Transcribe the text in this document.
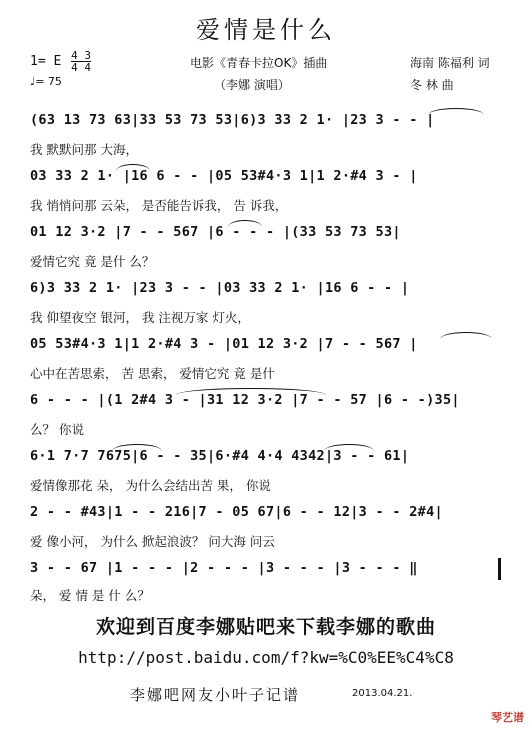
爱情是什么
1= E $\frac{4 3}{4 4}$
♩= 75
电影《青春卡拉OK》插曲
（李娜 演唱）
海南 陈福利 词
冬 林 曲
(63 13 73 63|33 53 73 53|6)3 33 2 1· |23 3 - - |
我 默默问那 大海，
03 33 2 1· |16 6 - - |05 53#4·3 1|1 2·#4 3 - |
我 悄悄问那 云朵， 是否能告诉我， 告 诉我，
01 12 3·2 |7 - - 567 |6 - - - |(33 53 73 53|
爱情它究 竟 是什 么？
6)3 33 2 1· |23 3 - - |03 33 2 1· |16 6 - - |
我 仰望夜空 银河， 我 注视万家 灯火，
05 53#4·3 1|1 2·#4 3 - |01 12 3·2 |7 - - 567 |
心中在苦思索， 苦 思索， 爱情它究 竟 是什
6 - - - |(1 2#4 3 - |31 12 3·2 |7 - - 57 |6 - -)35|
么？ 你说
6·1 7·7 7675|6 - - 35|6·#4 4·4 4342|3 - - 61|
爱情像那花 朵， 为什么会结出苦 果， 你说
2 - - #43|1 - - 216|7 - 05 67|6 - - 12|3 - - 2#4|
爱 像小河， 为什么 掀起浪波？ 问大海 问云
3 - - 67 |1 - - - |2 - - - |3 - - - |3 - - - ‖
朵， 爱 情 是 什 么？
欢迎到百度李娜贴吧来下载李娜的歌曲
http://post.baidu.com/f?kw=%C0%EE%C4%C8
李娜吧网友小叶子记谱	2013.04.21.
琴艺谱
